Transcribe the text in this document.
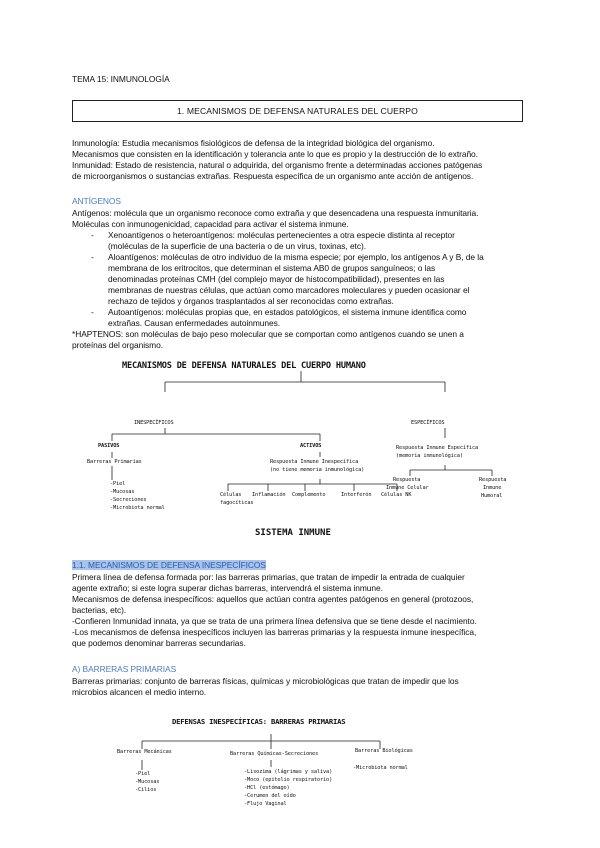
TEMA 15: INMUNOLOGÍA
1. MECANISMOS DE DEFENSA NATURALES DEL CUERPO
Inmunología: Estudia mecanismos fisiológicos de defensa de la integridad biológica del organismo.
Mecanismos que consisten en la identificación y tolerancia ante lo que es propio y la destrucción de lo extraño.
Inmunidad: Estado de resistencia, natural o adquirida, del organismo frente a determinadas acciones patógenas
de microorganismos o sustancias extrañas. Respuesta específica de un organismo ante acción de antígenos.
ANTÍGENOS
Antígenos: molécula que un organismo reconoce como extraña y que desencadena una respuesta inmunitaria.
Moléculas con inmunogenicidad, capacidad para activar el sistema inmune.
- Xenoantígenos o heteroantígenos: moléculas pertenecientes a otra especie distinta al receptor
(moléculas de la superficie de una bacteria o de un virus, toxinas, etc).
- Aloantígenos: moléculas de otro individuo de la misma especie; por ejemplo, los antígenos A y B, de la
membrana de los eritrocitos, que determinan el sistema AB0 de grupos sanguíneos; o las
denominadas proteínas CMH (del complejo mayor de histocompatibilidad), presentes en las
membranas de nuestras células, que actúan como marcadores moleculares y pueden ocasionar el
rechazo de tejidos y órganos trasplantados al ser reconocidas como extrañas.
- Autoantígenos: moléculas propias que, en estados patológicos, el sistema inmune identifica como
extrañas. Causan enfermedades autoinmunes.
*HAPTENOS: son moléculas de bajo peso molecular que se comportan como antígenos cuando se unen a
proteínas del organismo.
MECANISMOS DE DEFENSA NATURALES DEL CUERPO HUMANO
INESPECÍFICOS	ESPECÍFICOS
PASIVOS	ACTIVOS
Barreras Primarias
-Piel
-Mucosas
-Secreciones
-Microbiota normal
Respuesta Inmune Inespecífica
(no tiene memoria inmunológica)
Respuesta Inmune Específica
(memoria inmunológica)
Células
fagocíticas
Inflamación Complemento	Interferón Células NK
Respuesta
Inmune Celular
Respuesta
Inmune
Humoral
SISTEMA INMUNE
1.1. MECANISMOS DE DEFENSA INESPECÍFICOS
Primera línea de defensa formada por: las barreras primarias, que tratan de impedir la entrada de cualquier
agente extraño; si este logra superar dichas barreras, intervendrá el sistema inmune.
Mecanismos de defensa inespecíficos: aquellos que actúan contra agentes patógenos en general (protozoos,
bacterias, etc).
-Confieren Inmunidad innata, ya que se trata de una primera línea defensiva que se tiene desde el nacimiento.
-Los mecanismos de defensa inespecíficos incluyen las barreras primarias y la respuesta inmune inespecífica,
que podemos denominar barreras secundarias.
A) BARRERAS PRIMARIAS
Barreras primarias: conjunto de barreras físicas, químicas y microbiológicas que tratan de impedir que los
microbios alcancen el medio interno.
DEFENSAS INESPECÍFICAS: BARRERAS PRIMARIAS
Barreras Mecánicas
-Piel
-Mucosas
-Cilios
Barreras Químicas-Secreciones
-Lisozima (lágrimas y saliva)
-Moco (epitelio respiratorio)
-HCl (estómago)
-Cerumen del oído
-Flujo Vaginal
Barreras Biológicas
-Microbiota normal
